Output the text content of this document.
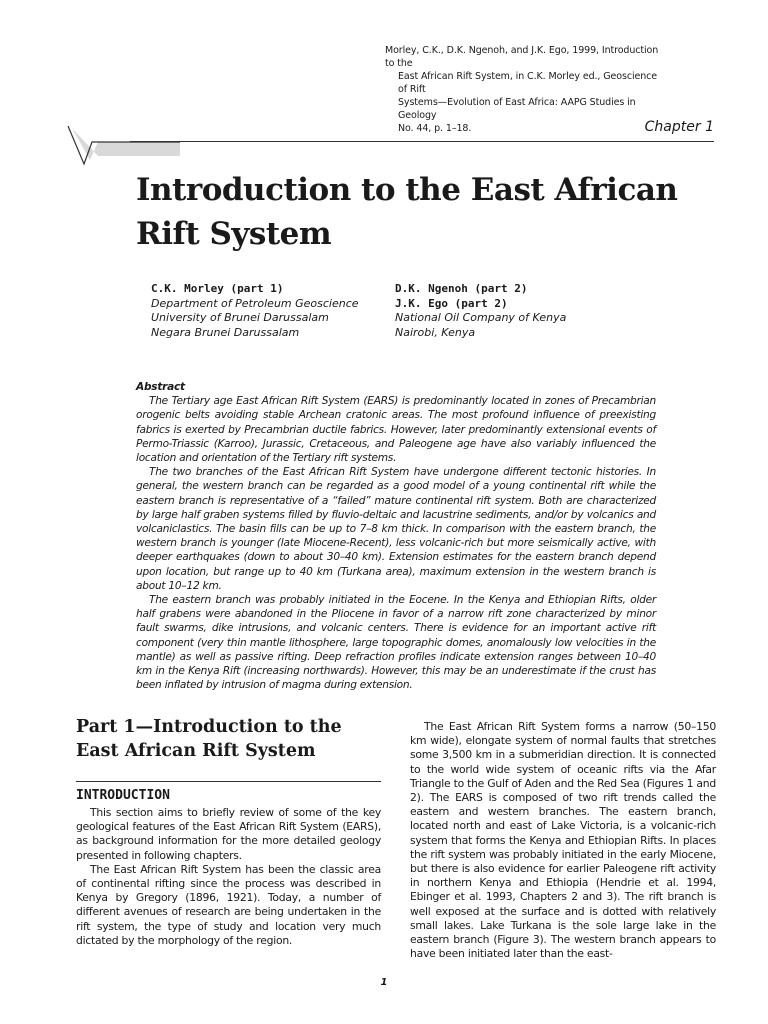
Morley, C.K., D.K. Ngenoh, and J.K. Ego, 1999, Introduction to the
East African Rift System, in C.K. Morley ed., Geoscience of Rift
Systems—Evolution of East Africa: AAPG Studies in Geology
No. 44, p. 1–18.	Chapter 1
Introduction to the East African Rift System
C.K. Morley (part 1)
Department of Petroleum Geoscience
University of Brunei Darussalam
Negara Brunei Darussalam
D.K. Ngenoh (part 2)
J.K. Ego (part 2)
National Oil Company of Kenya
Nairobi, Kenya
Abstract

The Tertiary age East African Rift System (EARS) is predominantly located in zones of Precambrian orogenic belts avoiding stable Archean cratonic areas. The most profound influence of preexisting fabrics is exerted by Precambrian ductile fabrics. However, later predominantly extensional events of Permo-Triassic (Karroo), Jurassic, Cretaceous, and Paleogene age have also variably influenced the location and orientation of the Tertiary rift systems.

The two branches of the East African Rift System have undergone different tectonic histories. In general, the western branch can be regarded as a good model of a young continental rift while the eastern branch is representative of a “failed” mature continental rift system. Both are characterized by large half graben systems filled by fluvio-deltaic and lacustrine sediments, and/or by volcanics and volcaniclastics. The basin fills can be up to 7–8 km thick. In comparison with the eastern branch, the western branch is younger (late Miocene-Recent), less volcanic-rich but more seismically active, with deeper earthquakes (down to about 30–40 km). Extension estimates for the eastern branch depend upon location, but range up to 40 km (Turkana area), maximum extension in the western branch is about 10–12 km.

The eastern branch was probably initiated in the Eocene. In the Kenya and Ethiopian Rifts, older half grabens were abandoned in the Pliocene in favor of a narrow rift zone characterized by minor fault swarms, dike intrusions, and volcanic centers. There is evidence for an important active rift component (very thin mantle lithosphere, large topographic domes, anomalously low velocities in the mantle) as well as passive rifting. Deep refraction profiles indicate extension ranges between 10–40 km in the Kenya Rift (increasing northwards). However, this may be an underestimate if the crust has been inflated by intrusion of magma during extension.

Part 1—Introduction to the East African Rift System
INTRODUCTION

This section aims to briefly review of some of the key geological features of the East African Rift System (EARS), as background information for the more detailed geology presented in following chapters.

The East African Rift System has been the classic area of continental rifting since the process was described in Kenya by Gregory (1896, 1921). Today, a number of different avenues of research are being undertaken in the rift system, the type of study and location very much dictated by the morphology of the region.

The East African Rift System forms a narrow (50–150 km wide), elongate system of normal faults that stretches some 3,500 km in a submeridian direction. It is connected to the world wide system of oceanic rifts via the Afar Triangle to the Gulf of Aden and the Red Sea (Figures 1 and 2). The EARS is composed of two rift trends called the eastern and western branches. The eastern branch, located north and east of Lake Victoria, is a volcanic-rich system that forms the Kenya and Ethiopian Rifts. In places the rift system was probably initiated in the early Miocene, but there is also evidence for earlier Paleogene rift activity in northern Kenya and Ethiopia (Hendrie et al. 1994, Ebinger et al. 1993, Chapters 2 and 3). The rift branch is well exposed at the surface and is dotted with relatively small lakes. Lake Turkana is the sole large lake in the eastern branch (Figure 3). The western branch appears to have been initiated later than the east-

1
